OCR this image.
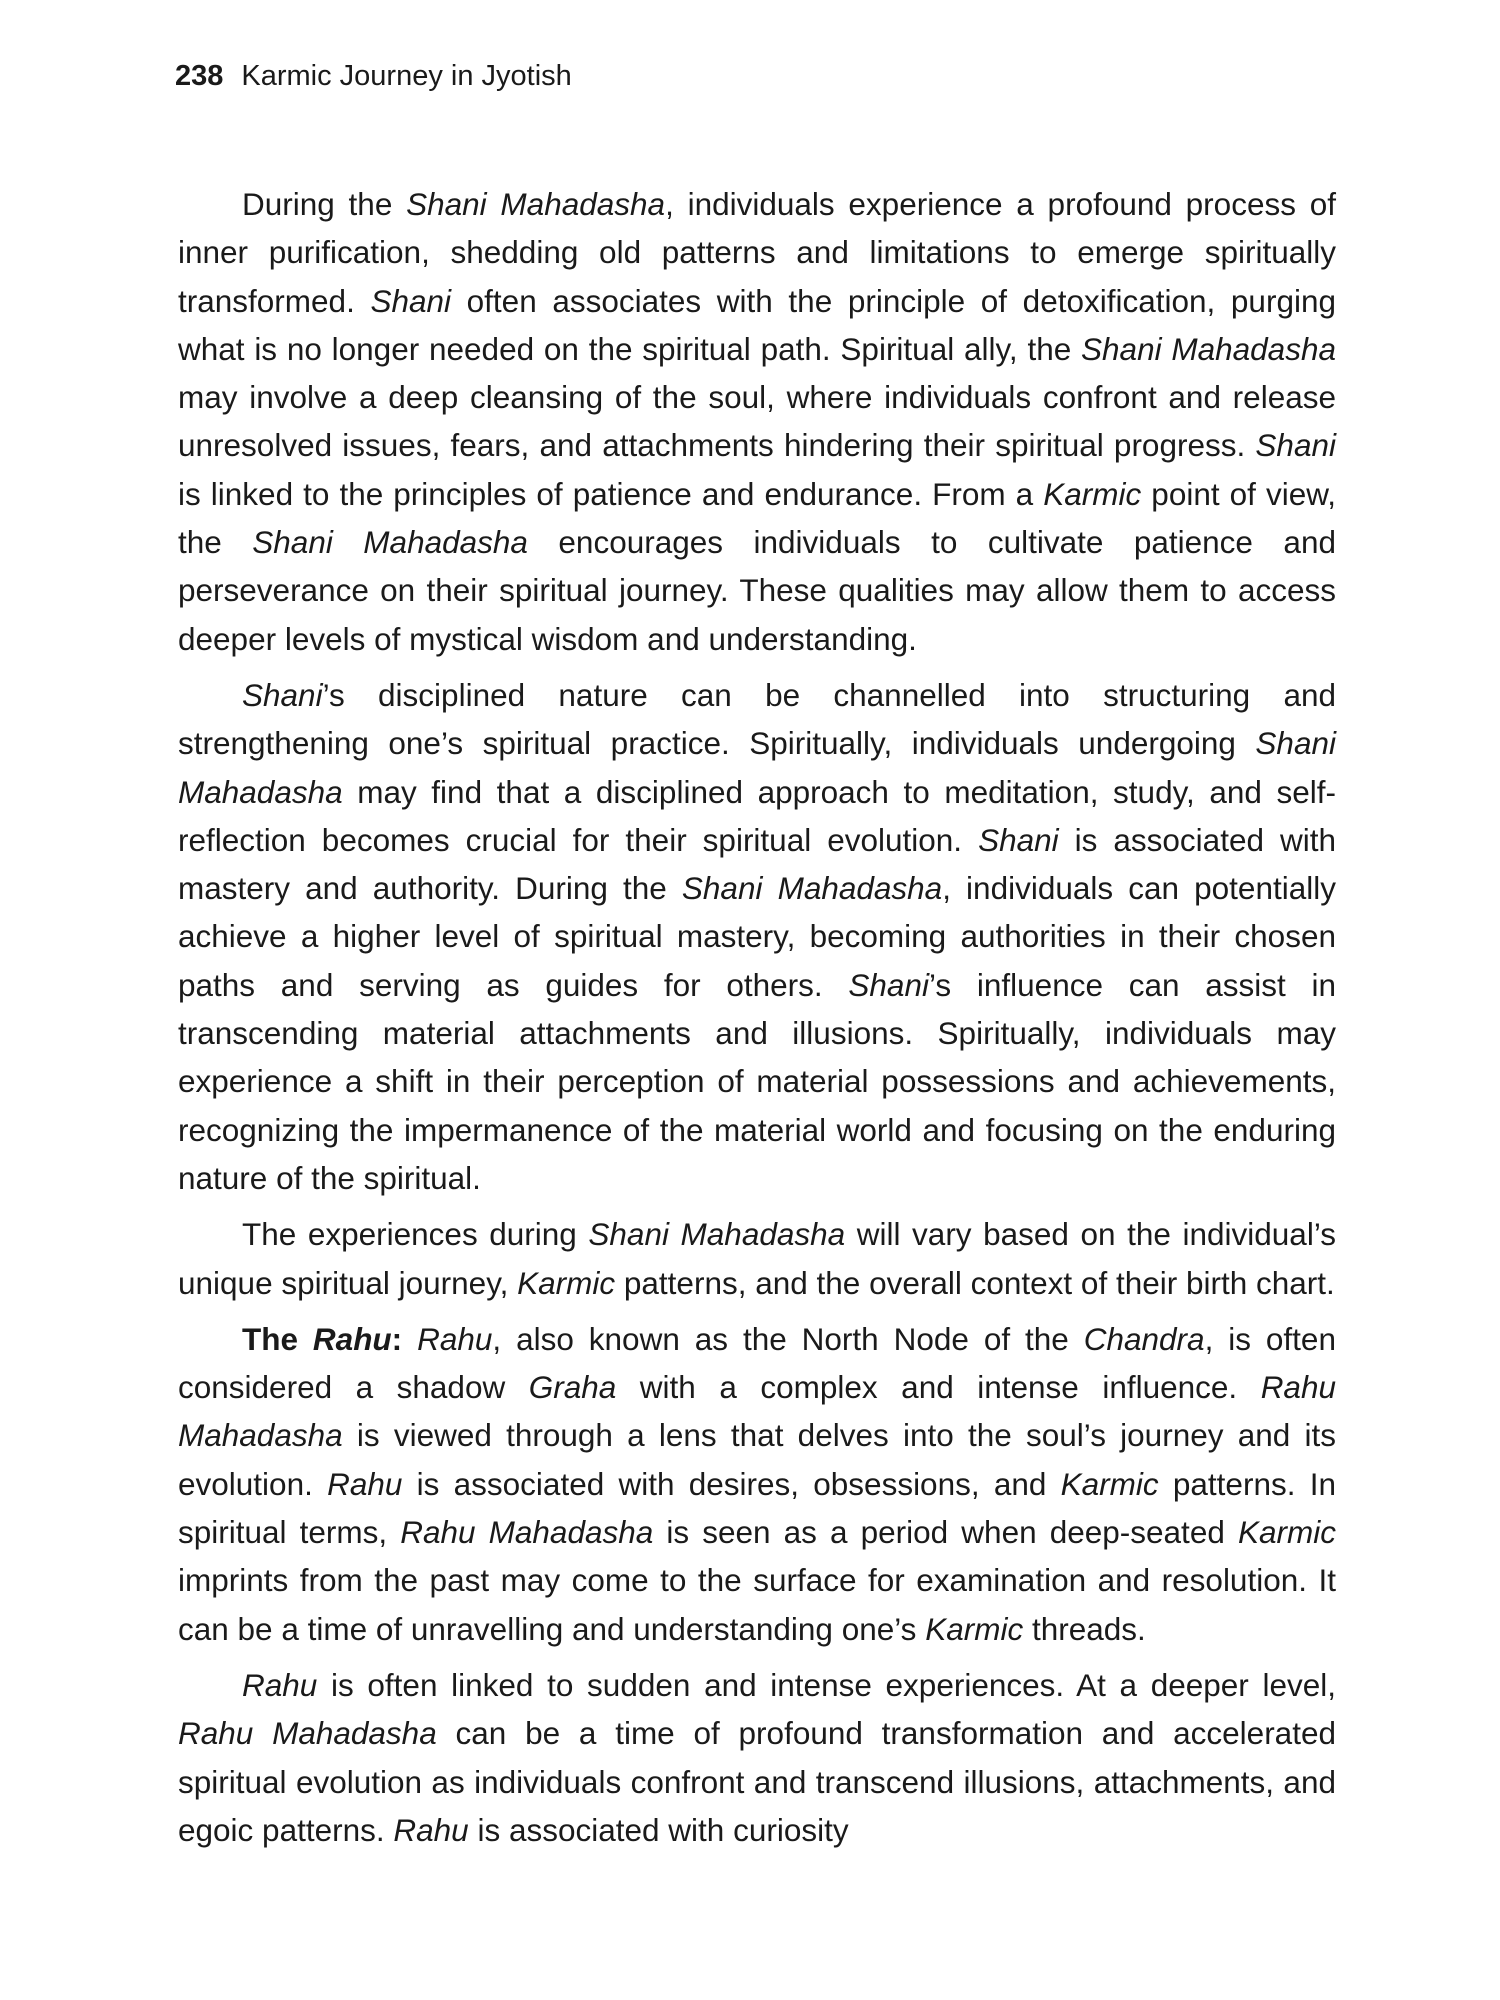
238 Karmic Journey in Jyotish

During the Shani Mahadasha, individuals experience a profound process of inner purification, shedding old patterns and limitations to emerge spiritually transformed. Shani often associates with the principle of detoxification, purging what is no longer needed on the spiritual path. Spiritual ally, the Shani Mahadasha may involve a deep cleansing of the soul, where individuals confront and release unresolved issues, fears, and attachments hindering their spiritual progress. Shani is linked to the principles of patience and endurance. From a Karmic point of view, the Shani Mahadasha encourages individuals to cultivate patience and perseverance on their spiritual journey. These qualities may allow them to access deeper levels of mystical wisdom and understanding.

Shani’s disciplined nature can be channelled into structuring and strengthening one’s spiritual practice. Spiritually, individuals undergoing Shani Mahadasha may find that a disciplined approach to meditation, study, and self-reflection becomes crucial for their spiritual evolution. Shani is associated with mastery and authority. During the Shani Mahadasha, individuals can potentially achieve a higher level of spiritual mastery, becoming authorities in their chosen paths and serving as guides for others. Shani’s influence can assist in transcending material attachments and illusions. Spiritually, individuals may experience a shift in their perception of material possessions and achievements, recognizing the impermanence of the material world and focusing on the enduring nature of the spiritual.

The experiences during Shani Mahadasha will vary based on the individual’s unique spiritual journey, Karmic patterns, and the overall context of their birth chart.

The Rahu: Rahu, also known as the North Node of the Chandra, is often considered a shadow Graha with a complex and intense influence. Rahu Mahadasha is viewed through a lens that delves into the soul’s journey and its evolution. Rahu is associated with desires, obsessions, and Karmic patterns. In spiritual terms, Rahu Mahadasha is seen as a period when deep-seated Karmic imprints from the past may come to the surface for examination and resolution. It can be a time of unravelling and understanding one’s Karmic threads.

Rahu is often linked to sudden and intense experiences. At a deeper level, Rahu Mahadasha can be a time of profound transformation and accelerated spiritual evolution as individuals confront and transcend illusions, attachments, and egoic patterns. Rahu is associated with curiosity
